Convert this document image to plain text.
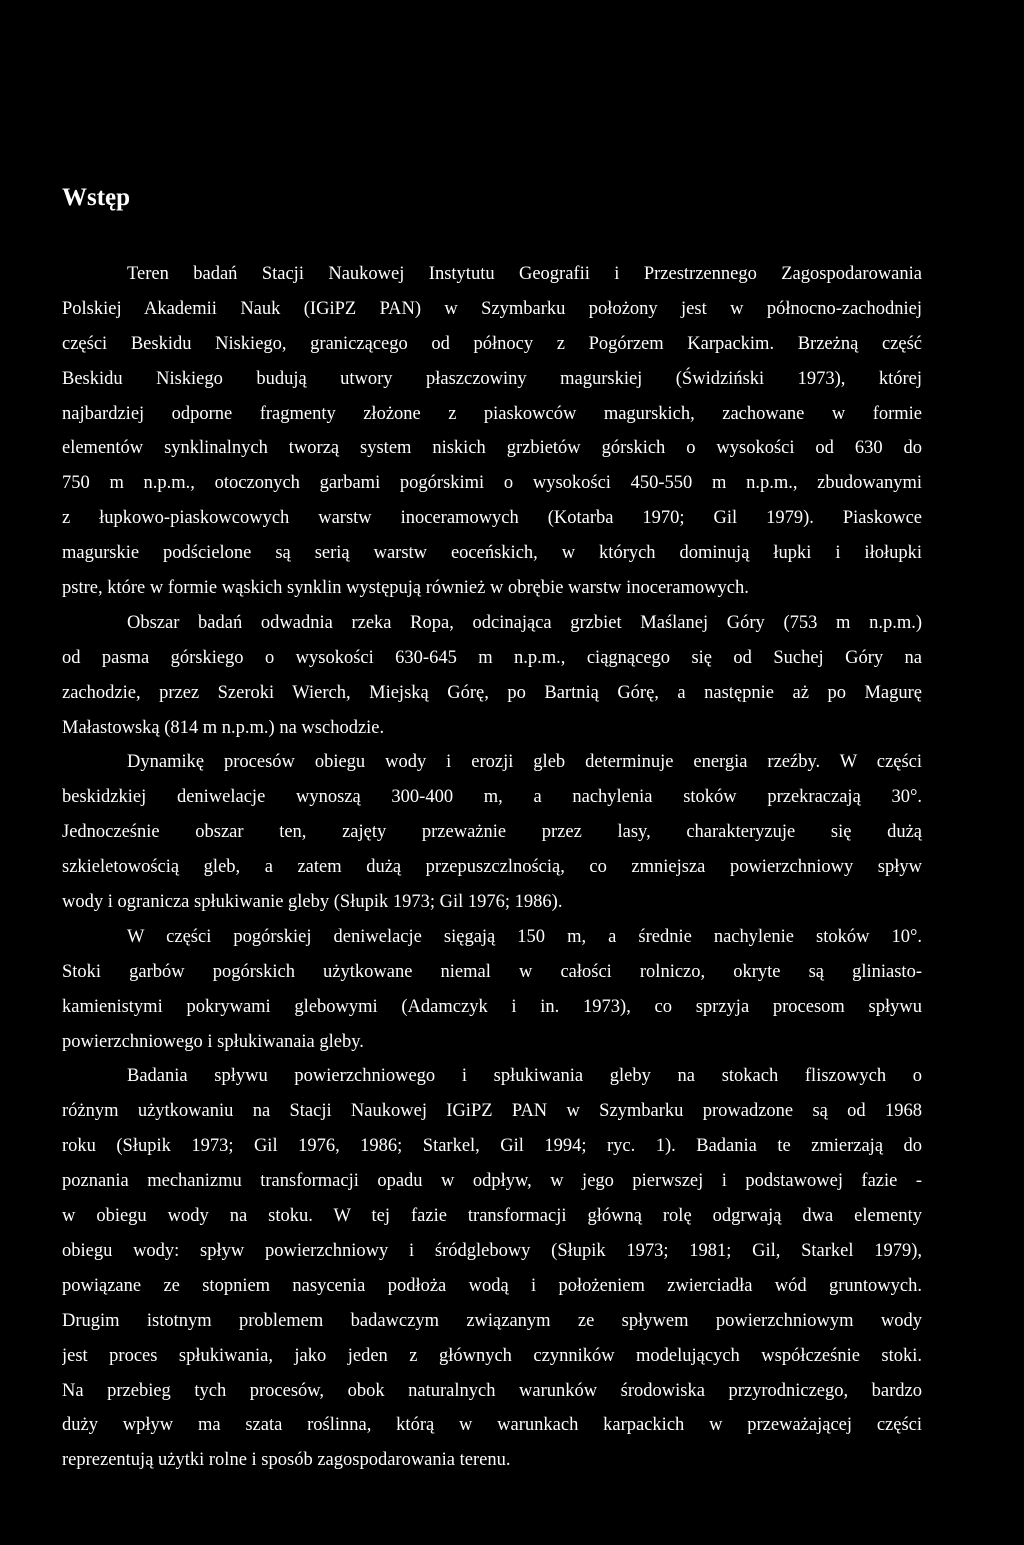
Wstęp
Teren badań Stacji Naukowej Instytutu Geografii i Przestrzennego Zagospodarowania
Polskiej Akademii Nauk (IGiPZ PAN) w Szymbarku położony jest w północno-zachodniej
części Beskidu Niskiego, graniczącego od północy z Pogórzem Karpackim. Brzeżną część
Beskidu Niskiego budują utwory płaszczowiny magurskiej (Świdziński 1973), której
najbardziej odporne fragmenty złożone z piaskowców magurskich, zachowane w formie
elementów synklinalnych tworzą system niskich grzbietów górskich o wysokości od 630 do
750 m n.p.m., otoczonych garbami pogórskimi o wysokości 450-550 m n.p.m., zbudowanymi
z łupkowo-piaskowcowych warstw inoceramowych (Kotarba 1970; Gil 1979). Piaskowce
magurskie podścielone są serią warstw eoceńskich, w których dominują łupki i iłołupki
pstre, które w formie wąskich synklin występują również w obrębie warstw inoceramowych.
Obszar badań odwadnia rzeka Ropa, odcinająca grzbiet Maślanej Góry (753 m n.p.m.)
od pasma górskiego o wysokości 630-645 m n.p.m., ciągnącego się od Suchej Góry na
zachodzie, przez Szeroki Wierch, Miejską Górę, po Bartnią Górę, a następnie aż po Magurę
Małastowską (814 m n.p.m.) na wschodzie.
Dynamikę procesów obiegu wody i erozji gleb determinuje energia rzeźby. W części
beskidzkiej deniwelacje wynoszą 300-400 m, a nachylenia stoków przekraczają 30°.
Jednocześnie obszar ten, zajęty przeważnie przez lasy, charakteryzuje się dużą
szkieletowością gleb, a zatem dużą przepuszczlnością, co zmniejsza powierzchniowy spływ
wody i ogranicza spłukiwanie gleby (Słupik 1973; Gil 1976; 1986).
W części pogórskiej deniwelacje sięgają 150 m, a średnie nachylenie stoków 10°.
Stoki garbów pogórskich użytkowane niemal w całości rolniczo, okryte są gliniasto-
kamienistymi pokrywami glebowymi (Adamczyk i in. 1973), co sprzyja procesom spływu
powierzchniowego i spłukiwanaia gleby.
Badania spływu powierzchniowego i spłukiwania gleby na stokach fliszowych o
różnym użytkowaniu na Stacji Naukowej IGiPZ PAN w Szymbarku prowadzone są od 1968
roku (Słupik 1973; Gil 1976, 1986; Starkel, Gil 1994; ryc. 1). Badania te zmierzają do
poznania mechanizmu transformacji opadu w odpływ, w jego pierwszej i podstawowej fazie -
w obiegu wody na stoku. W tej fazie transformacji główną rolę odgrwają dwa elementy
obiegu wody: spływ powierzchniowy i śródglebowy (Słupik 1973; 1981; Gil, Starkel 1979),
powiązane ze stopniem nasycenia podłoża wodą i położeniem zwierciadła wód gruntowych.
Drugim istotnym problemem badawczym związanym ze spływem powierzchniowym wody
jest proces spłukiwania, jako jeden z głównych czynników modelujących współcześnie stoki.
Na przebieg tych procesów, obok naturalnych warunków środowiska przyrodniczego, bardzo
duży wpływ ma szata roślinna, którą w warunkach karpackich w przeważającej części
reprezentują użytki rolne i sposób zagospodarowania terenu.
